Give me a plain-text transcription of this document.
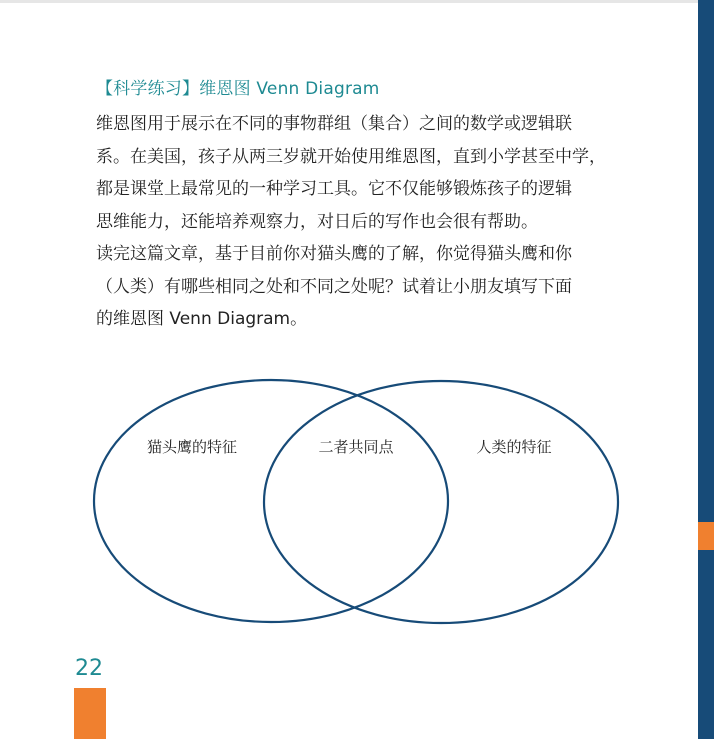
【科学练习】维恩图 Venn Diagram

维恩图用于展示在不同的事物群组（集合）之间的数学或逻辑联

系。在美国，孩子从两三岁就开始使用维恩图，直到小学甚至中学，

都是课堂上最常见的一种学习工具。它不仅能够锻炼孩子的逻辑

思维能力，还能培养观察力，对日后的写作也会很有帮助。

读完这篇文章，基于目前你对猫头鹰的了解，你觉得猫头鹰和你

（人类）有哪些相同之处和不同之处呢？试着让小朋友填写下面

的维恩图 Venn Diagram。

猫头鹰的特征	二者共同点	人类的特征
22
